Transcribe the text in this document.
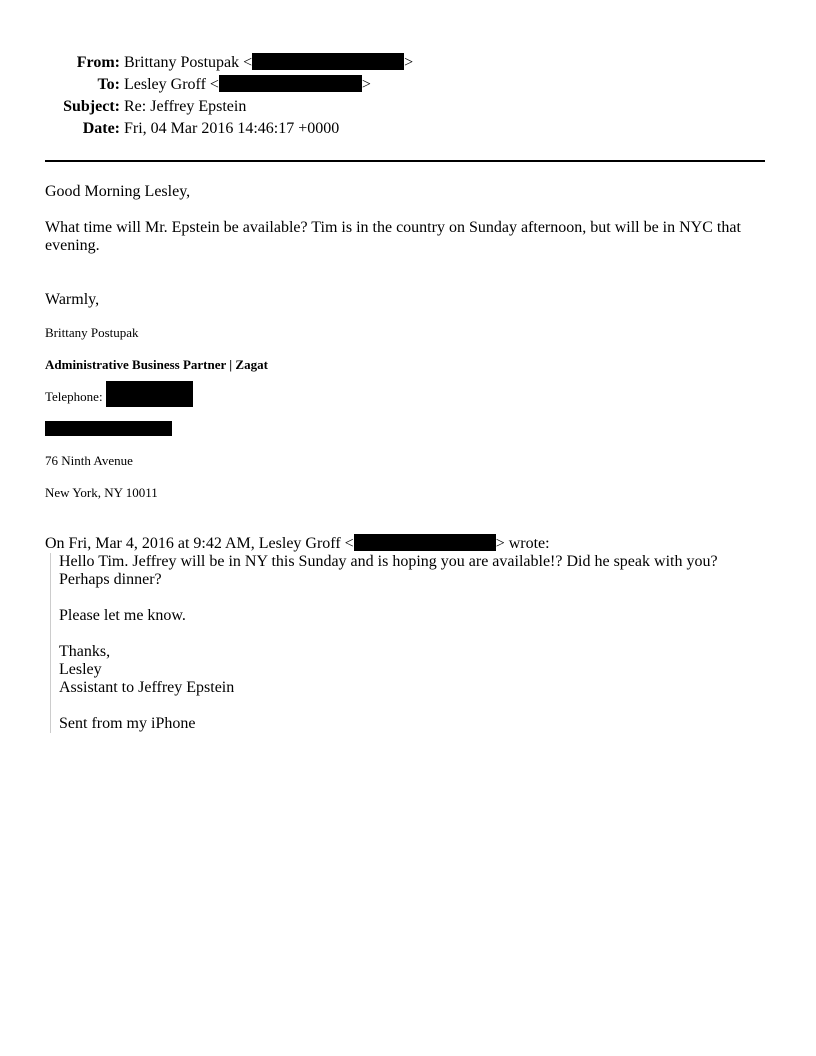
From: Brittany Postupak <	>
To: Lesley Groff <	>
Subject: Re: Jeffrey Epstein
Date: Fri, 04 Mar 2016 14:46:17 +0000
Good Morning Lesley,
What time will Mr. Epstein be available? Tim is in the country on Sunday afternoon, but will be in NYC that evening.
Warmly,
Brittany Postupak
Administrative Business Partner | Zagat
Telephone:
76 Ninth Avenue
New York, NY 10011
On Fri, Mar 4, 2016 at 9:42 AM, Lesley Groff <	> wrote:

Hello Tim. Jeffrey will be in NY this Sunday and is hoping you are available!? Did he speak with you?

Perhaps dinner?

Please let me know.

Thanks,

Lesley

Assistant to Jeffrey Epstein

Sent from my iPhone
